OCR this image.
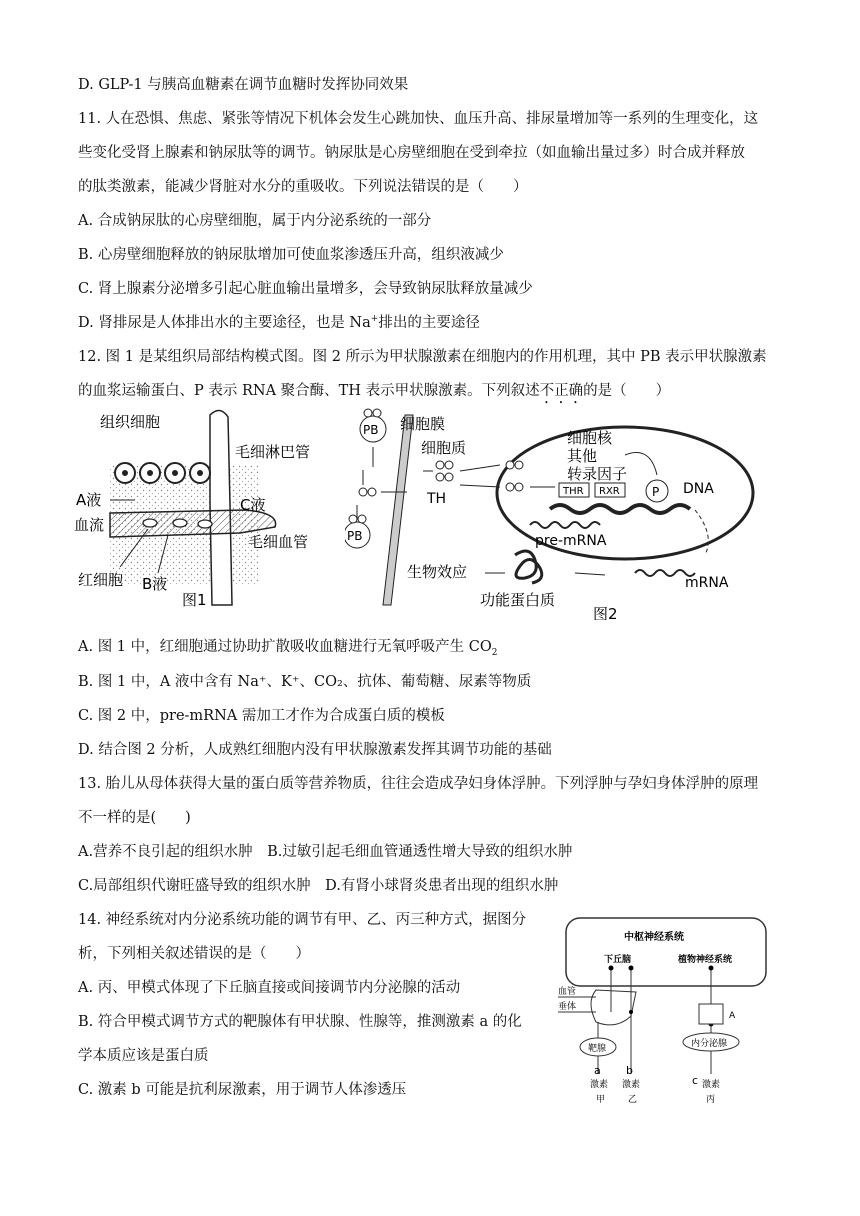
D. GLP-1 与胰高血糖素在调节血糖时发挥协同效果
11. 人在恐惧、焦虑、紧张等情况下机体会发生心跳加快、血压升高、排尿量增加等一系列的生理变化，这
些变化受肾上腺素和钠尿肽等的调节。钠尿肽是心房壁细胞在受到牵拉（如血输出量过多）时合成并释放
的肽类激素，能减少肾脏对水分的重吸收。下列说法错误的是（　　）
A. 合成钠尿肽的心房壁细胞，属于内分泌系统的一部分
B. 心房壁细胞释放的钠尿肽增加可使血浆渗透压升高，组织液减少
C. 肾上腺素分泌增多引起心脏血输出量增多，会导致钠尿肽释放量减少
D. 肾排尿是人体排出水的主要途径，也是 Na+排出的主要途径
12. 图 1 是某组织局部结构模式图。图 2 所示为甲状腺激素在细胞内的作用机理，其中 PB 表示甲状腺激素
的血浆运输蛋白、P 表示 RNA 聚合酶、TH 表示甲状腺激素。下列叙述不正确的是（　　）
组织细胞
毛细淋巴管
A液	C液
血流
毛细血管
红细胞 B液
图1
PB
PB
细胞膜
细胞质
TH
细胞核
其他
转录因子
THR RXR	P DNA
pre-mRNA
mRNA
生物效应
功能蛋白质
图2
A. 图 1 中，红细胞通过协助扩散吸收血糖进行无氧呼吸产生 $CO_2$
B. 图 1 中，A 液中含有 Na⁺、K⁺、CO₂、抗体、葡萄糖、尿素等物质
C. 图 2 中，pre-mRNA 需加工才作为合成蛋白质的模板
D. 结合图 2 分析，人成熟红细胞内没有甲状腺激素发挥其调节功能的基础
13. 胎儿从母体获得大量的蛋白质等营养物质，往往会造成孕妇身体浮肿。下列浮肿与孕妇身体浮肿的原理
不一样的是(　　)
A.营养不良引起的组织水肿　B.过敏引起毛细血管通透性增大导致的组织水肿
C.局部组织代谢旺盛导致的组织水肿　D.有肾小球肾炎患者出现的组织水肿
14. 神经系统对内分泌系统功能的调节有甲、乙、丙三种方式，据图分
析，下列相关叙述错误的是（　　）
A. 丙、甲模式体现了下丘脑直接或间接调节内分泌腺的活动
B. 符合甲模式调节方式的靶腺体有甲状腺、性腺等，推测激素 a 的化
学本质应该是蛋白质
C. 激素 b 可能是抗利尿激素，用于调节人体渗透压
中枢神经系统
下丘脑	植物神经系统
A
血管
垂体
靶腺	内分泌腺
a b
c
激素 激素	激素
甲	乙	丙
